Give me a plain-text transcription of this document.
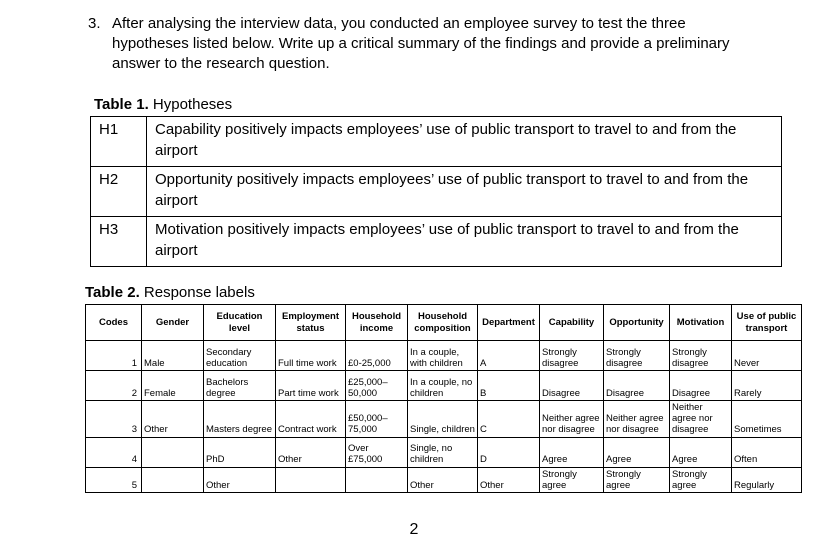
3. After analysing the interview data, you conducted an employee survey to test the three hypotheses listed below. Write up a critical summary of the findings and provide a preliminary answer to the research question.
Table 1. Hypotheses
H1	Capability positively impacts employees’ use of public transport to travel to and from the airport
H2	Opportunity positively impacts employees’ use of public transport to travel to and from the airport
H3	Motivation positively impacts employees’ use of public transport to travel to and from the airport
Table 2. Response labels
Codes	Gender	Education level	Employment status	Household income	Household composition	Department	Capability	Opportunity	Motivation	Use of public transport
1	Male	Secondary education	Full time work	£0-25,000	In a couple, with children	A	Strongly disagree	Strongly disagree	Strongly disagree	Never
2	Female	Bachelors degree	Part time work	£25,000–50,000	In a couple, no children	B	Disagree	Disagree	Disagree	Rarely
3	Other	Masters degree	Contract work	£50,000–75,000	Single, children	C	Neither agree nor disagree	Neither agree nor disagree	Neither agree nor disagree	Sometimes
4		PhD	Other	Over £75,000	Single, no children	D	Agree	Agree	Agree	Often
5		Other			Other	Other	Strongly agree	Strongly agree	Strongly agree	Regularly
2
